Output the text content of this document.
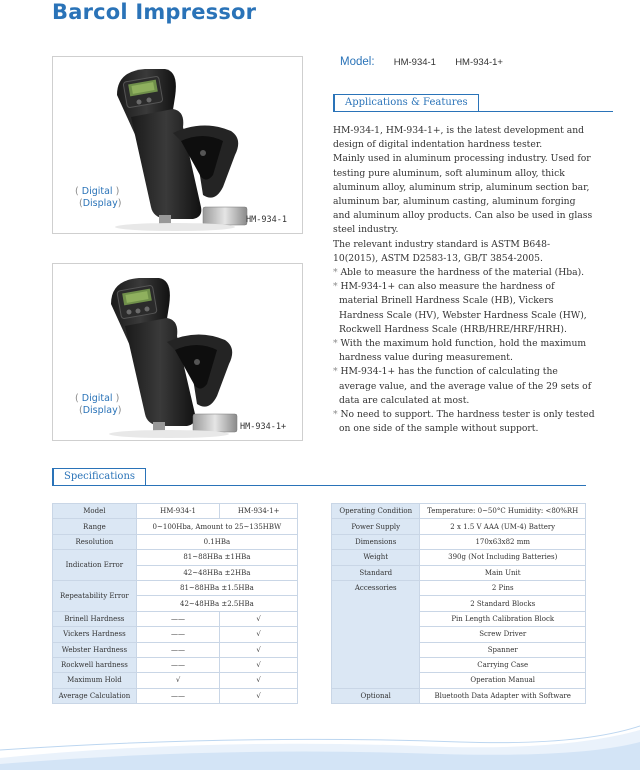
Barcol Impressor
( Digital )
(Display)
HM-934-1
( Digital )
(Display)
HM-934-1+
Model: HM-934-1 HM-934-1+
Applications & Features

HM-934-1, HM-934-1+, is the latest development and design of digital indentation hardness tester.

Mainly used in aluminum processing industry. Used for testing pure aluminum, soft aluminum alloy, thick aluminum alloy, aluminum strip, aluminum section bar, aluminum bar, aluminum casting, aluminum forging and aluminum alloy products. Can also be used in glass steel industry.

The relevant industry standard is ASTM B648-10(2015), ASTM D2583-13, GB/T 3854-2005.

* Able to measure the hardness of the material (Hba).

* HM-934-1+ can also measure the hardness of material Brinell Hardness Scale (HB), Vickers Hardness Scale (HV), Webster Hardness Scale (HW), Rockwell Hardness Scale (HRB/HRE/HRF/HRH).

* With the maximum hold function, hold the maximum hardness value during measurement.

* HM-934-1+ has the function of calculating the average value, and the average value of the 29 sets of data are calculated at most.

* No need to support. The hardness tester is only tested on one side of the sample without support.

Specifications
Model	HM-934-1	HM-934-1+
Range	0~100Hba, Amount to 25~135HBW	
Resolution	0.1HBa	
Indication Error	81~88HBa ±1HBa	
	42~48HBa ±2HBa	
Repeatability Error	81~88HBa ±1.5HBa	
	42~48HBa ±2.5HBa	
Brinell Hardness	——	√
Vickers Hardness	——	√
Webster Hardness	——	√
Rockwell hardness	——	√
Maximum Hold	√	√
Average Calculation	——	√
Operating Condition	Temperature: 0~50°C Humidity: <80%RH
Power Supply	2 x 1.5 V AAA (UM-4) Battery
Dimensions	170x63x82 mm
Weight	390g (Not Including Batteries)
Standard	Main Unit
Accessories	2 Pins
	2 Standard Blocks
	Pin Length Calibration Block
	Screw Driver
	Spanner
	Carrying Case
	Operation Manual
Optional	Bluetooth Data Adapter with Software
